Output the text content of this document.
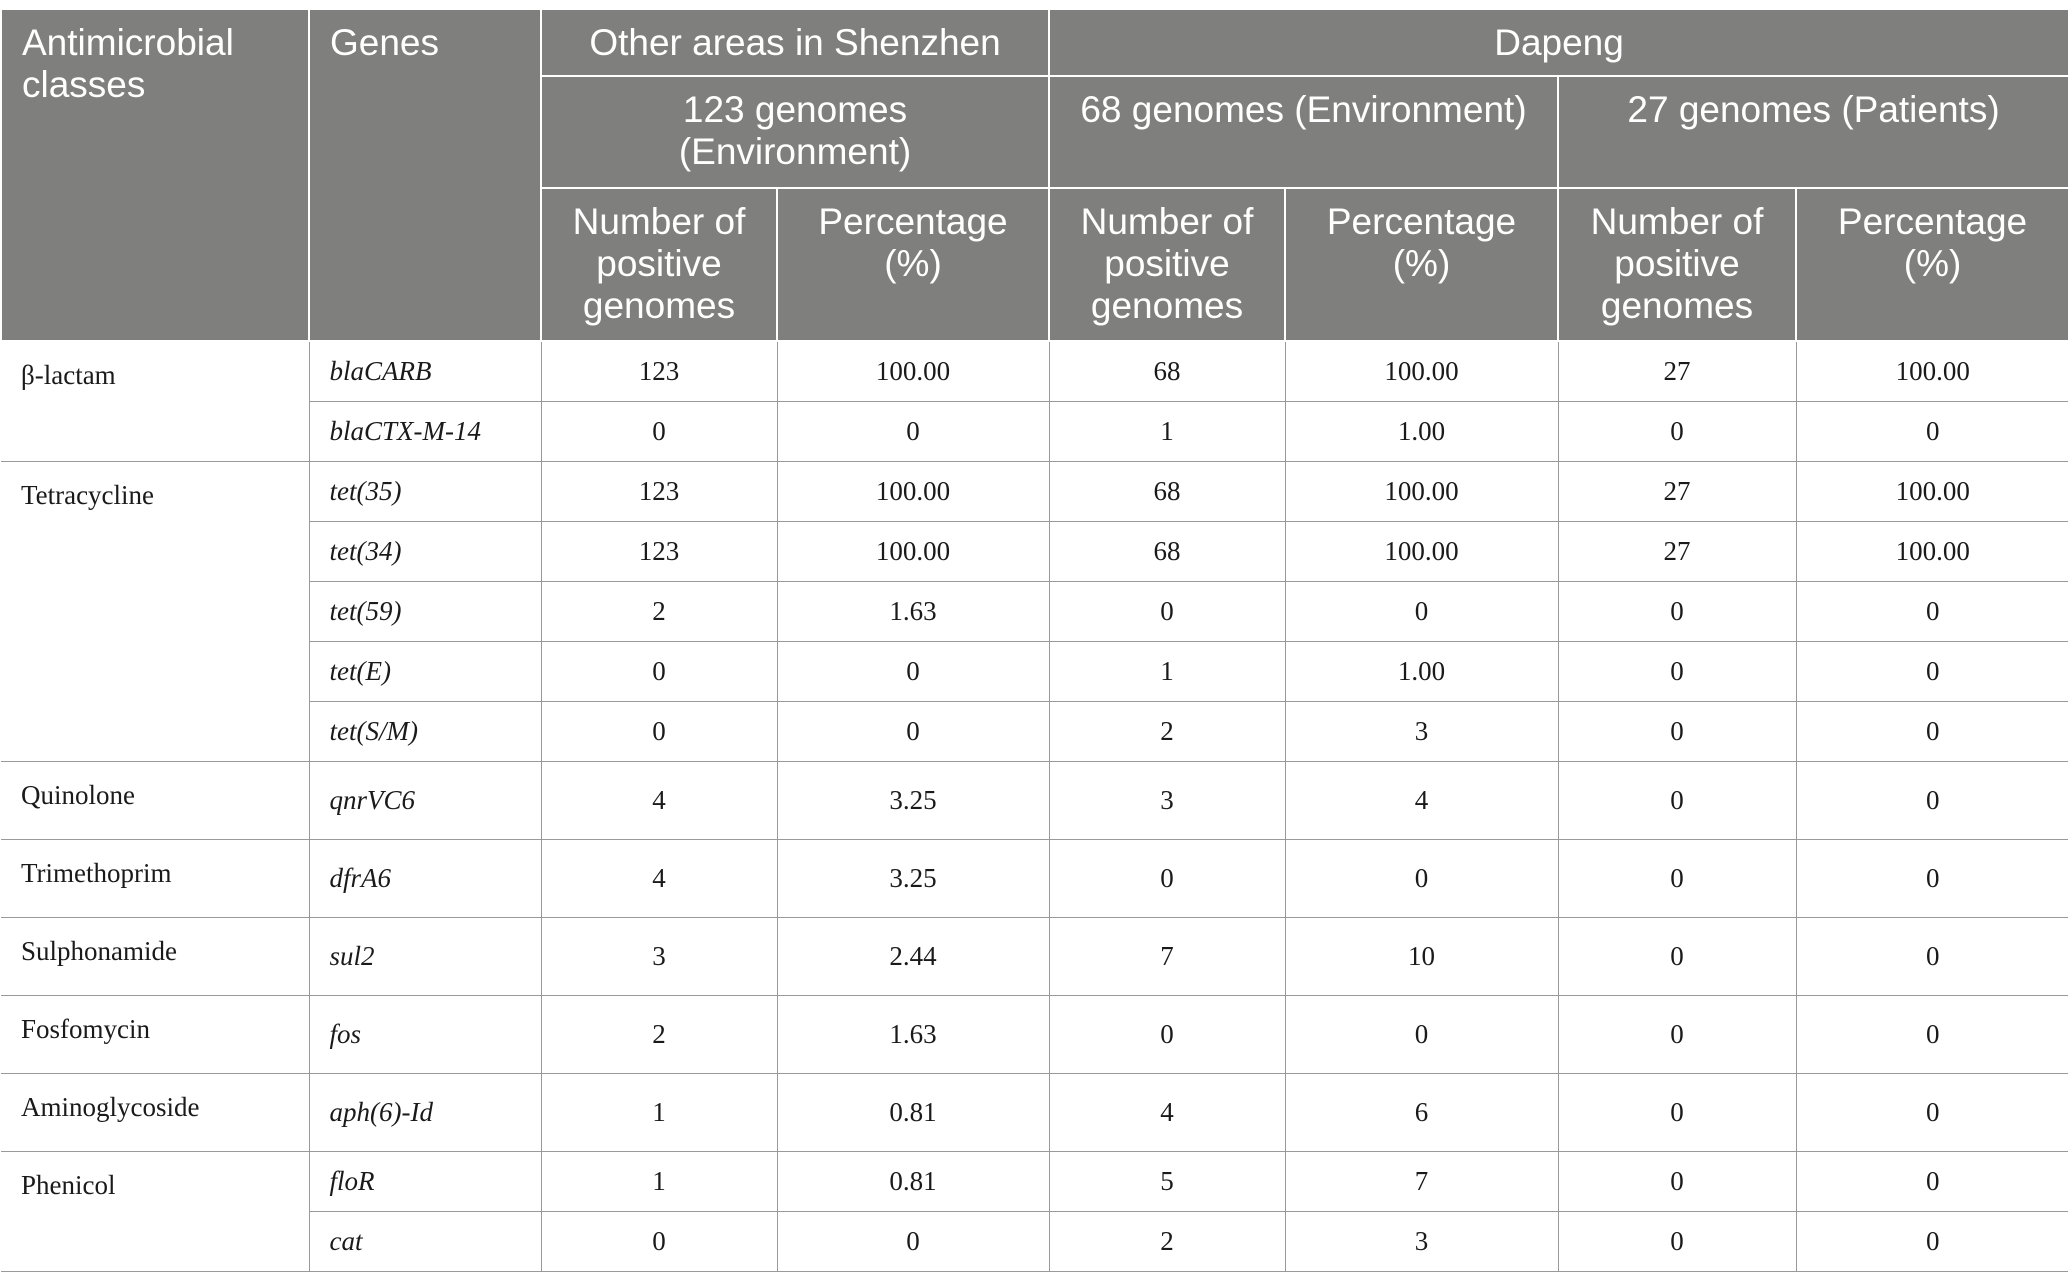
Antimicrobial classes	Genes	Other areas in Shenzhen		Dapeng			
		123 genomes (Environment)		68 genomes (Environment)		27 genomes (Patients)	
		Number of positive genomes	Percentage (%)	Number of positive genomes	Percentage (%)	Number of positive genomes	Percentage (%)
β-lactam	blaCARB	123	100.00	68	100.00	27	100.00
	blaCTX-M-14	0	0	1	1.00	0	0
Tetracycline	tet(35)	123	100.00	68	100.00	27	100.00
	tet(34)	123	100.00	68	100.00	27	100.00
	tet(59)	2	1.63	0	0	0	0
	tet(E)	0	0	1	1.00	0	0
	tet(S/M)	0	0	2	3	0	0
Quinolone	qnrVC6	4	3.25	3	4	0	0
Trimethoprim	dfrA6	4	3.25	0	0	0	0
Sulphonamide	sul2	3	2.44	7	10	0	0
Fosfomycin	fos	2	1.63	0	0	0	0
Aminoglycoside	aph(6)-Id	1	0.81	4	6	0	0
Phenicol	floR	1	0.81	5	7	0	0
	cat	0	0	2	3	0	0
